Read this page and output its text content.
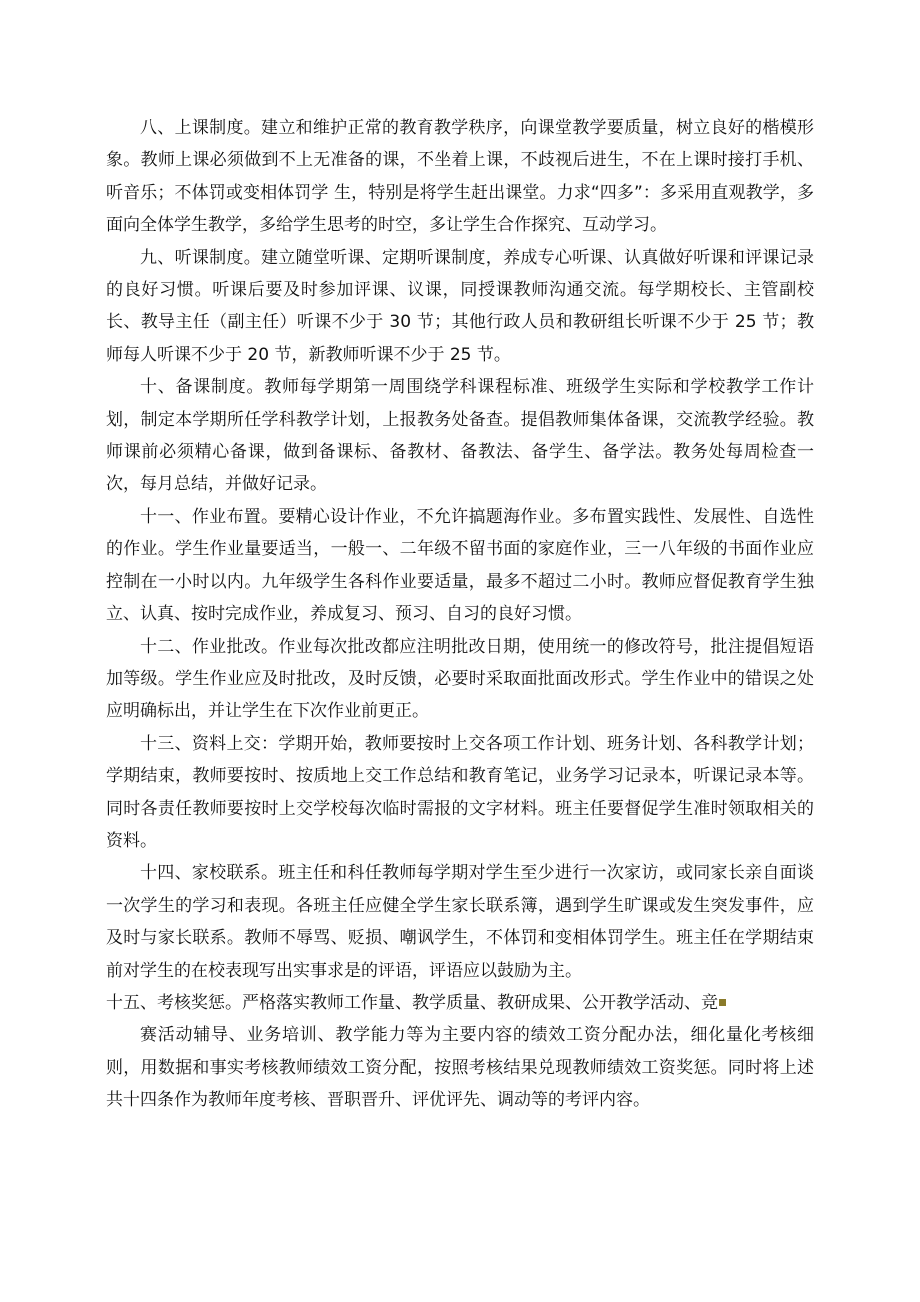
八、上课制度。建立和维护正常的教育教学秩序，向课堂教学要质量，树立良好的楷模形象。教师上课必须做到不上无准备的课，不坐着上课，不歧视后进生，不在上课时接打手机、听音乐；不体罚或变相体罚学 生，特别是将学生赶出课堂。力求“四多”：多采用直观教学，多面向全体学生教学，多给学生思考的时空，多让学生合作探究、互动学习。

九、听课制度。建立随堂听课、定期听课制度，养成专心听课、认真做好听课和评课记录的良好习惯。听课后要及时参加评课、议课，同授课教师沟通交流。每学期校长、主管副校长、教导主任（副主任）听课不少于 30 节；其他行政人员和教研组长听课不少于 25 节；教师每人听课不少于 20 节，新教师听课不少于 25 节。

十、备课制度。教师每学期第一周围绕学科课程标准、班级学生实际和学校教学工作计划，制定本学期所任学科教学计划，上报教务处备查。提倡教师集体备课，交流教学经验。教师课前必须精心备课，做到备课标、备教材、备教法、备学生、备学法。教务处每周检查一次，每月总结，并做好记录。

十一、作业布置。要精心设计作业，不允许搞题海作业。多布置实践性、发展性、自选性的作业。学生作业量要适当，一般一、二年级不留书面的家庭作业，三一八年级的书面作业应控制在一小时以内。九年级学生各科作业要适量，最多不超过二小时。教师应督促教育学生独立、认真、按时完成作业，养成复习、预习、自习的良好习惯。

十二、作业批改。作业每次批改都应注明批改日期，使用统一的修改符号，批注提倡短语加等级。学生作业应及时批改，及时反馈，必要时采取面批面改形式。学生作业中的错误之处应明确标出，并让学生在下次作业前更正。

十三、资料上交：学期开始，教师要按时上交各项工作计划、班务计划、各科教学计划；学期结束，教师要按时、按质地上交工作总结和教育笔记，业务学习记录本，听课记录本等。同时各责任教师要按时上交学校每次临时需报的文字材料。班主任要督促学生准时领取相关的资料。

十四、家校联系。班主任和科任教师每学期对学生至少进行一次家访，或同家长亲自面谈一次学生的学习和表现。各班主任应健全学生家长联系簿，遇到学生旷课或发生突发事件，应及时与家长联系。教师不辱骂、贬损、嘲讽学生，不体罚和变相体罚学生。班主任在学期结束前对学生的在校表现写出实事求是的评语，评语应以鼓励为主。

十五、考核奖惩。严格落实教师工作量、教学质量、教研成果、公开教学活动、竞

赛活动辅导、业务培训、教学能力等为主要内容的绩效工资分配办法，细化量化考核细则，用数据和事实考核教师绩效工资分配，按照考核结果兑现教师绩效工资奖惩。同时将上述共十四条作为教师年度考核、晋职晋升、评优评先、调动等的考评内容。
